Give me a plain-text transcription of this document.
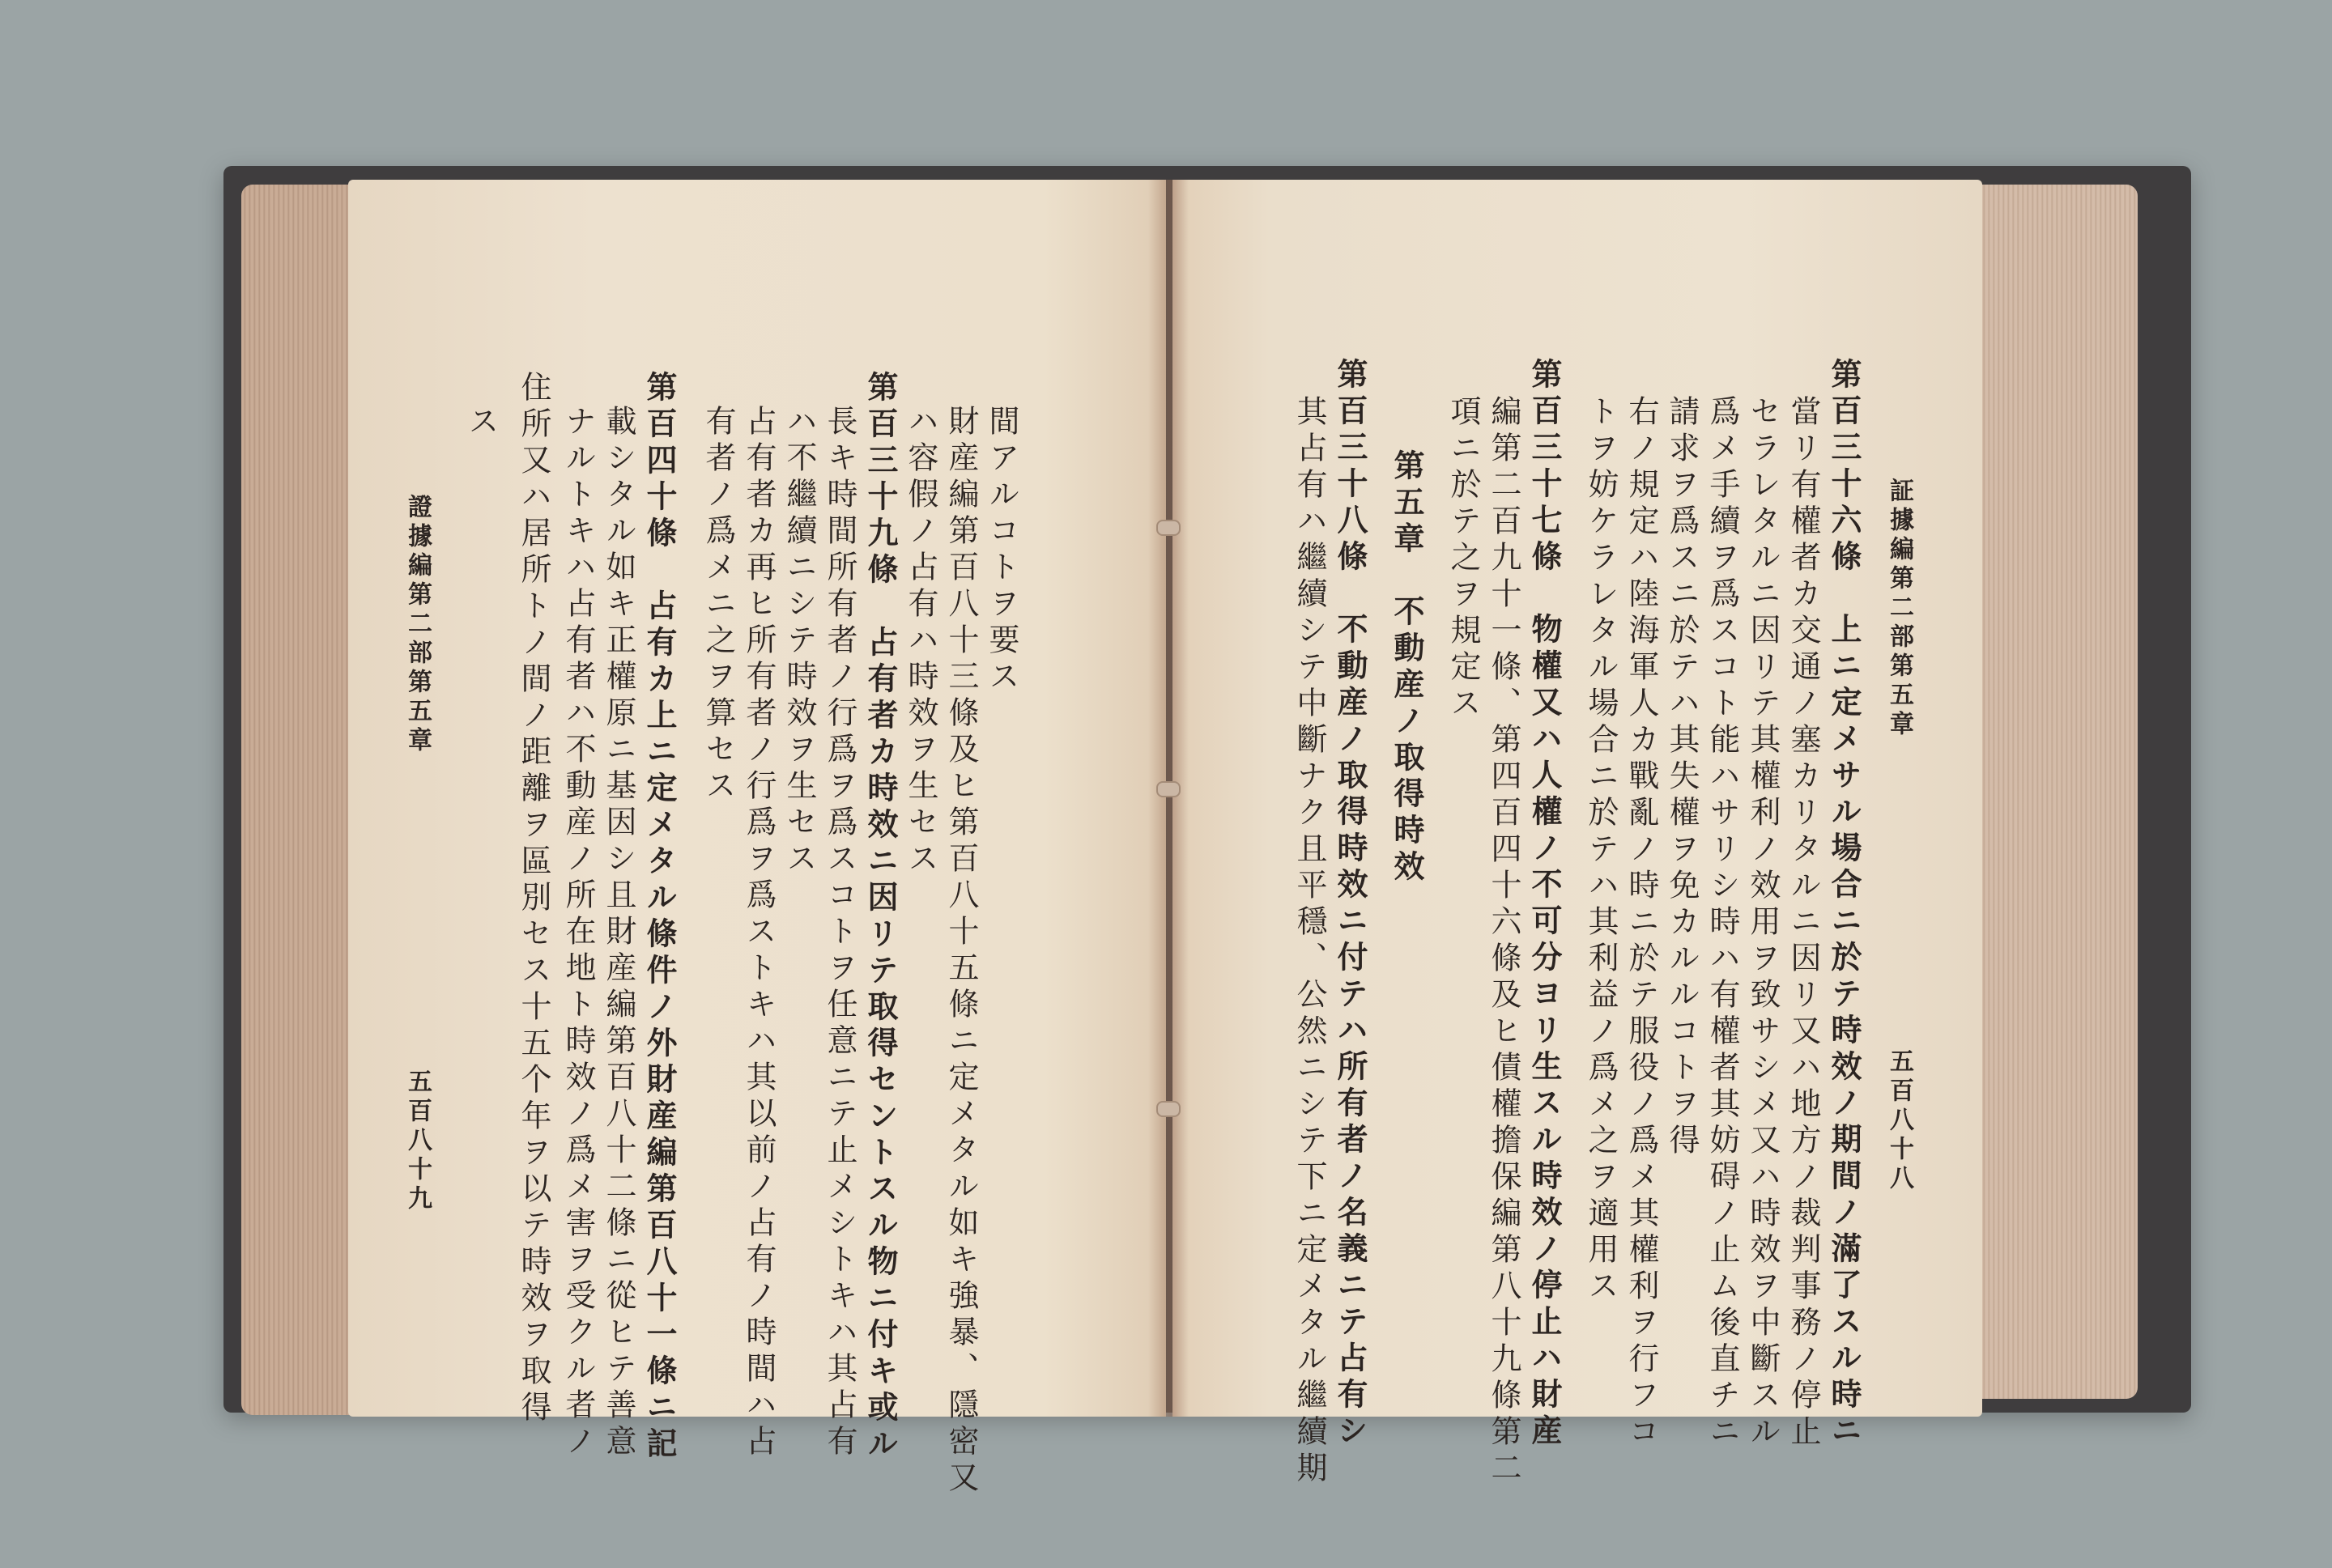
證據編第二部第五章
五百八十九
間アルコトヲ要ス
財産編第百八十三條及ヒ第百八十五條ニ定メタル如キ強暴、隱密又
ハ容假ノ占有ハ時效ヲ生セス
第百三十九條　占有者カ時效ニ因リテ取得セントスル物ニ付キ或ル
長キ時間所有者ノ行爲ヲ爲スコトヲ任意ニテ止メシトキハ其占有
ハ不繼續ニシテ時效ヲ生セス
占有者カ再ヒ所有者ノ行爲ヲ爲ストキハ其以前ノ占有ノ時間ハ占
有者ノ爲メニ之ヲ算セス
第百四十條　占有カ上ニ定メタル條件ノ外財産編第百八十一條ニ記
載シタル如キ正權原ニ基因シ且財産編第百八十二條ニ從ヒテ善意
ナルトキハ占有者ハ不動産ノ所在地ト時效ノ爲メ害ヲ受クル者ノ
住所又ハ居所トノ間ノ距離ヲ區別セス十五个年ヲ以テ時效ヲ取得
ス
証據編第二部第五章
五百八十八
第百三十六條　上ニ定メサル場合ニ於テ時效ノ期間ノ滿了スル時ニ
當リ有權者カ交通ノ塞カリタルニ因リ又ハ地方ノ裁判事務ノ停止
セラレタルニ因リテ其權利ノ效用ヲ致サシメ又ハ時效ヲ中斷スル
爲メ手續ヲ爲スコト能ハサリシ時ハ有權者其妨碍ノ止ム後直チニ
請求ヲ爲スニ於テハ其失權ヲ免カルルコトヲ得
右ノ規定ハ陸海軍人カ戰亂ノ時ニ於テ服役ノ爲メ其權利ヲ行フコ
トヲ妨ケラレタル場合ニ於テハ其利益ノ爲メ之ヲ適用ス
第百三十七條　物權又ハ人權ノ不可分ヨリ生スル時效ノ停止ハ財産
編第二百九十一條、第四百四十六條及ヒ債權擔保編第八十九條第二
項ニ於テ之ヲ規定ス
第五章　不動産ノ取得時效
第百三十八條　不動産ノ取得時效ニ付テハ所有者ノ名義ニテ占有シ
其占有ハ繼續シテ中斷ナク且平穩、公然ニシテ下ニ定メタル繼續期
